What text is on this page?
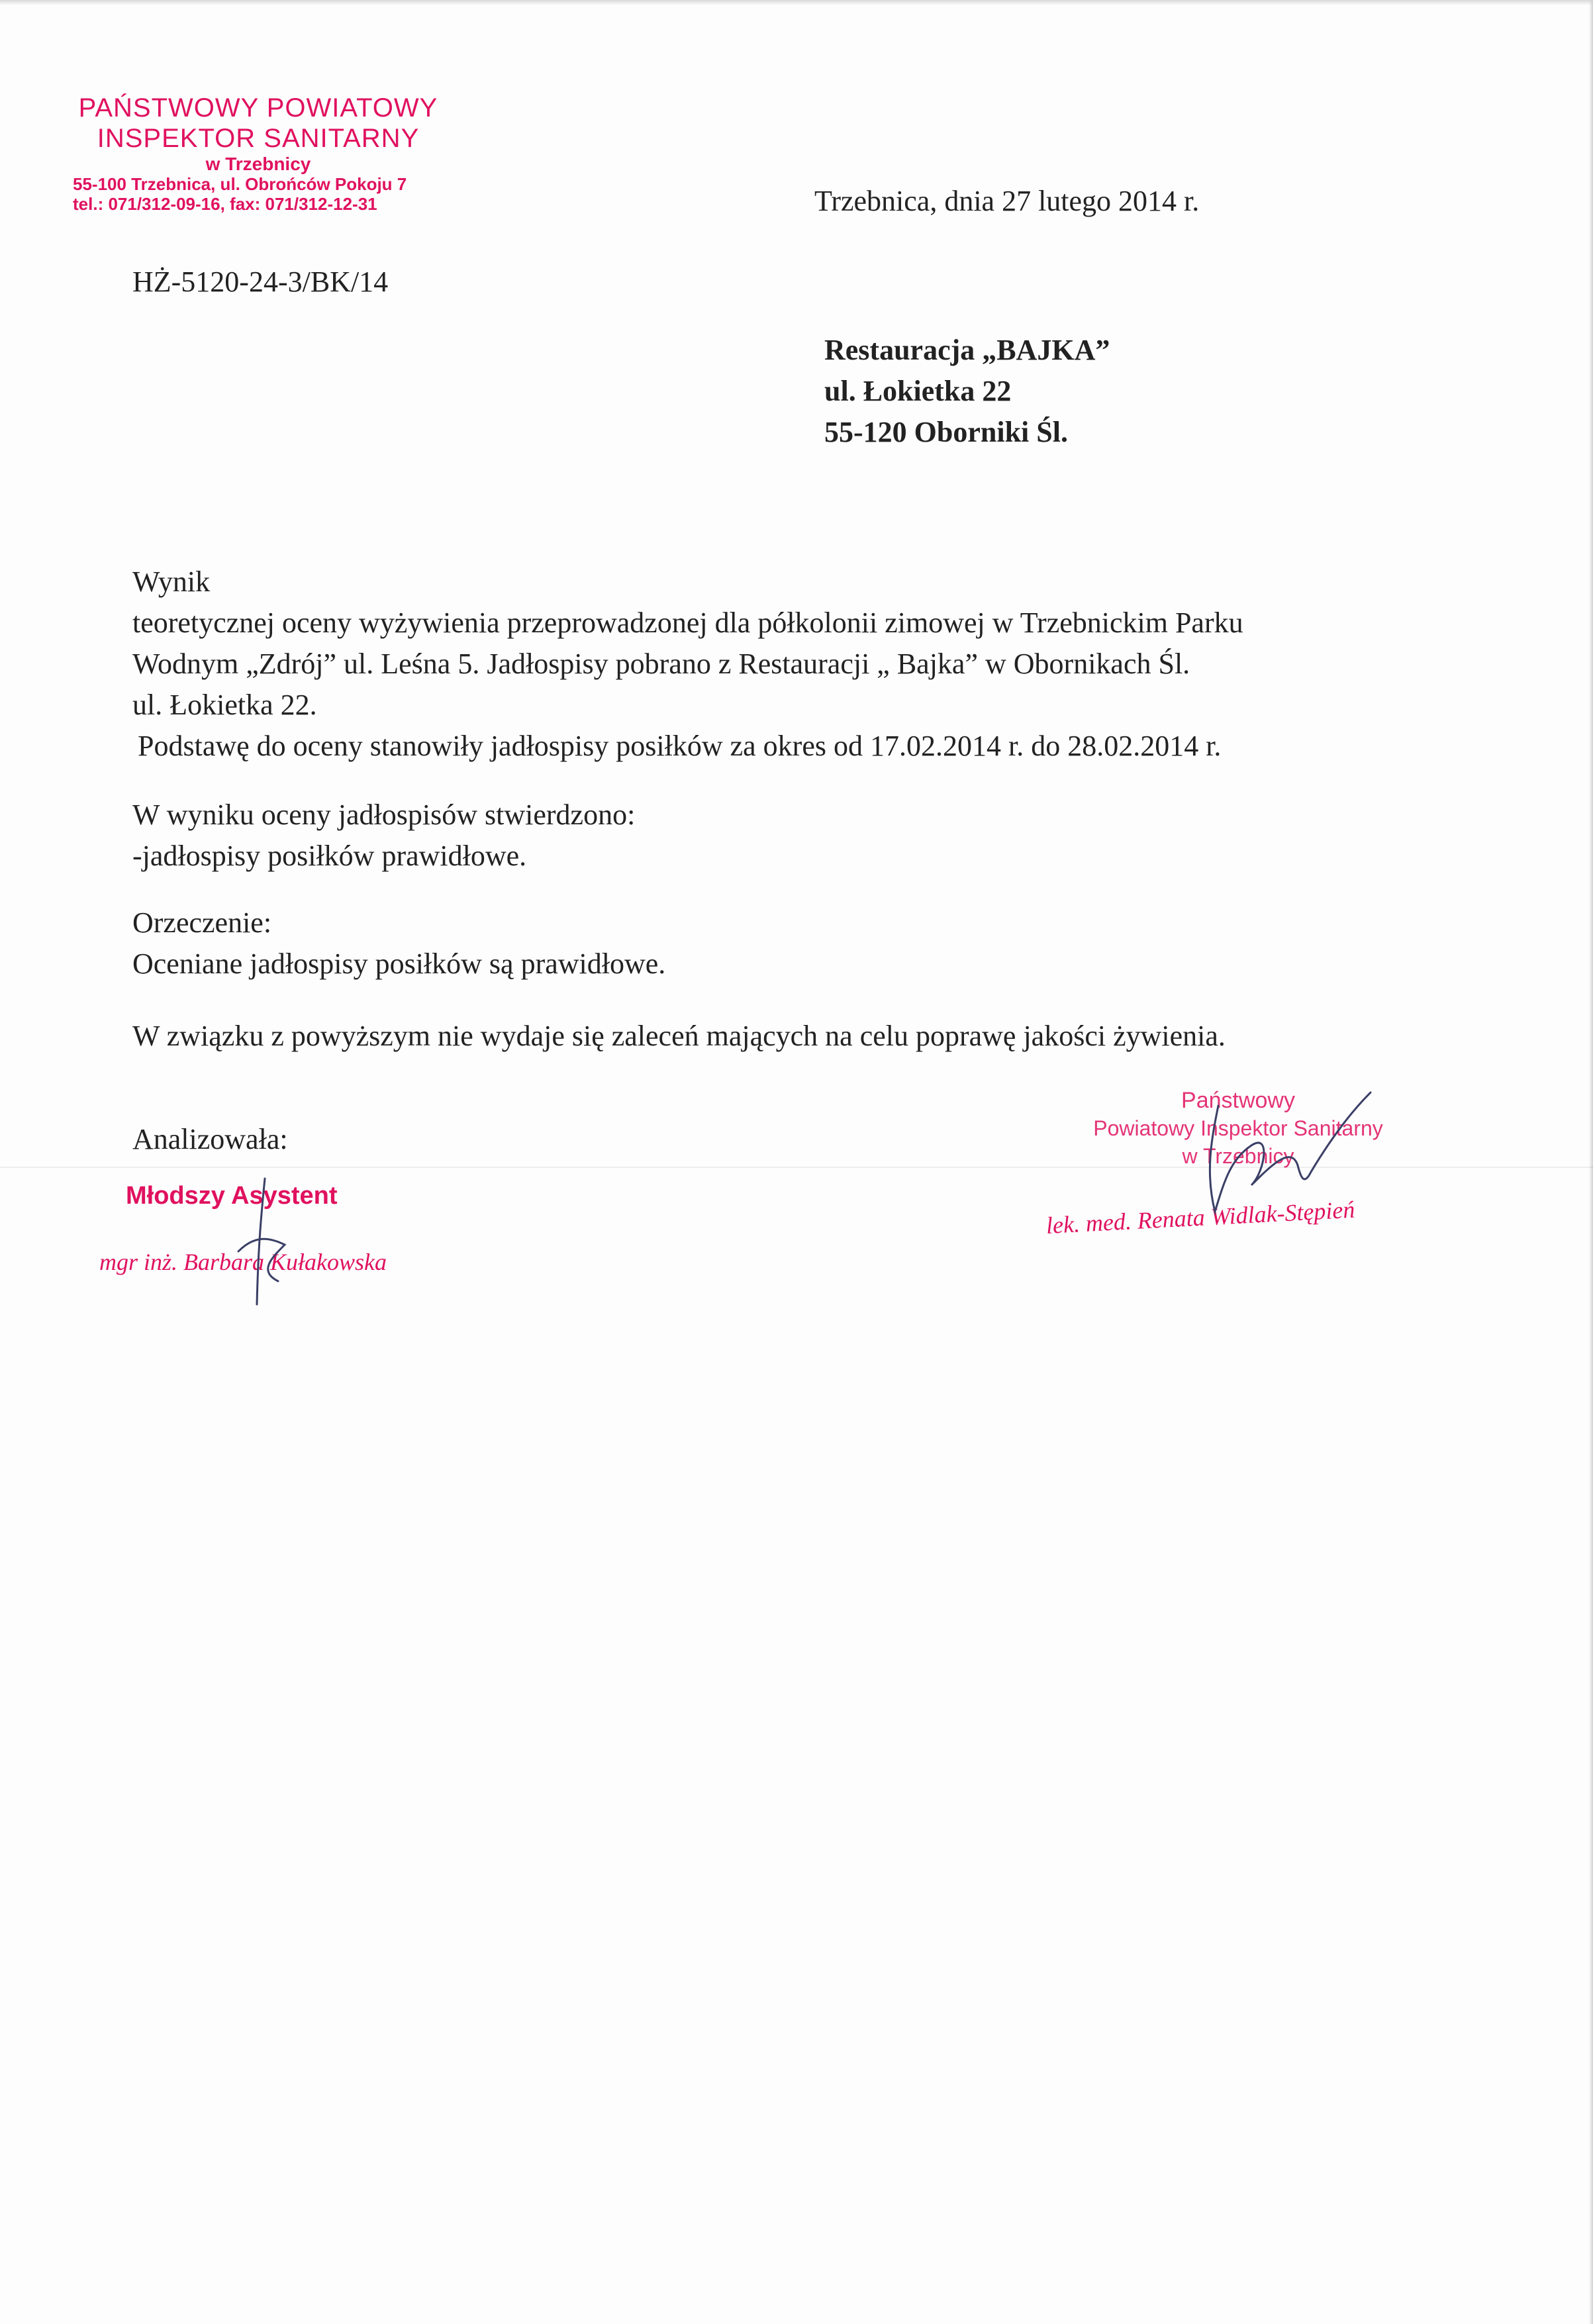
PAŃSTWOWY POWIATOWY
INSPEKTOR SANITARNY
w Trzebnicy
55-100 Trzebnica, ul. Obrońców Pokoju 7
tel.: 071/312-09-16, fax: 071/312-12-31	Trzebnica, dnia 27 lutego 2014 r.
HŻ-5120-24-3/BK/14
Restauracja „BAJKA”
ul. Łokietka 22
55-120 Oborniki Śl.

Wynik

teoretycznej oceny wyżywienia przeprowadzonej dla półkolonii zimowej w Trzebnickim Parku

Wodnym „Zdrój” ul. Leśna 5. Jadłospisy pobrano z Restauracji „ Bajka” w Obornikach Śl.

ul. Łokietka 22.

Podstawę do oceny stanowiły jadłospisy posiłków za okres od 17.02.2014 r. do 28.02.2014 r.

W wyniku oceny jadłospisów stwierdzono:

-jadłospisy posiłków prawidłowe.

Orzeczenie:

Oceniane jadłospisy posiłków są prawidłowe.

W związku z powyższym nie wydaje się zaleceń mających na celu poprawę jakości żywienia.

Analizowała:

Młodszy Asystent
mgr inż. Barbara Kułakowska
Państwowy
Powiatowy Inspektor Sanitarny
w Trzebnicy
lek. med. Renata Widlak-Stępień
